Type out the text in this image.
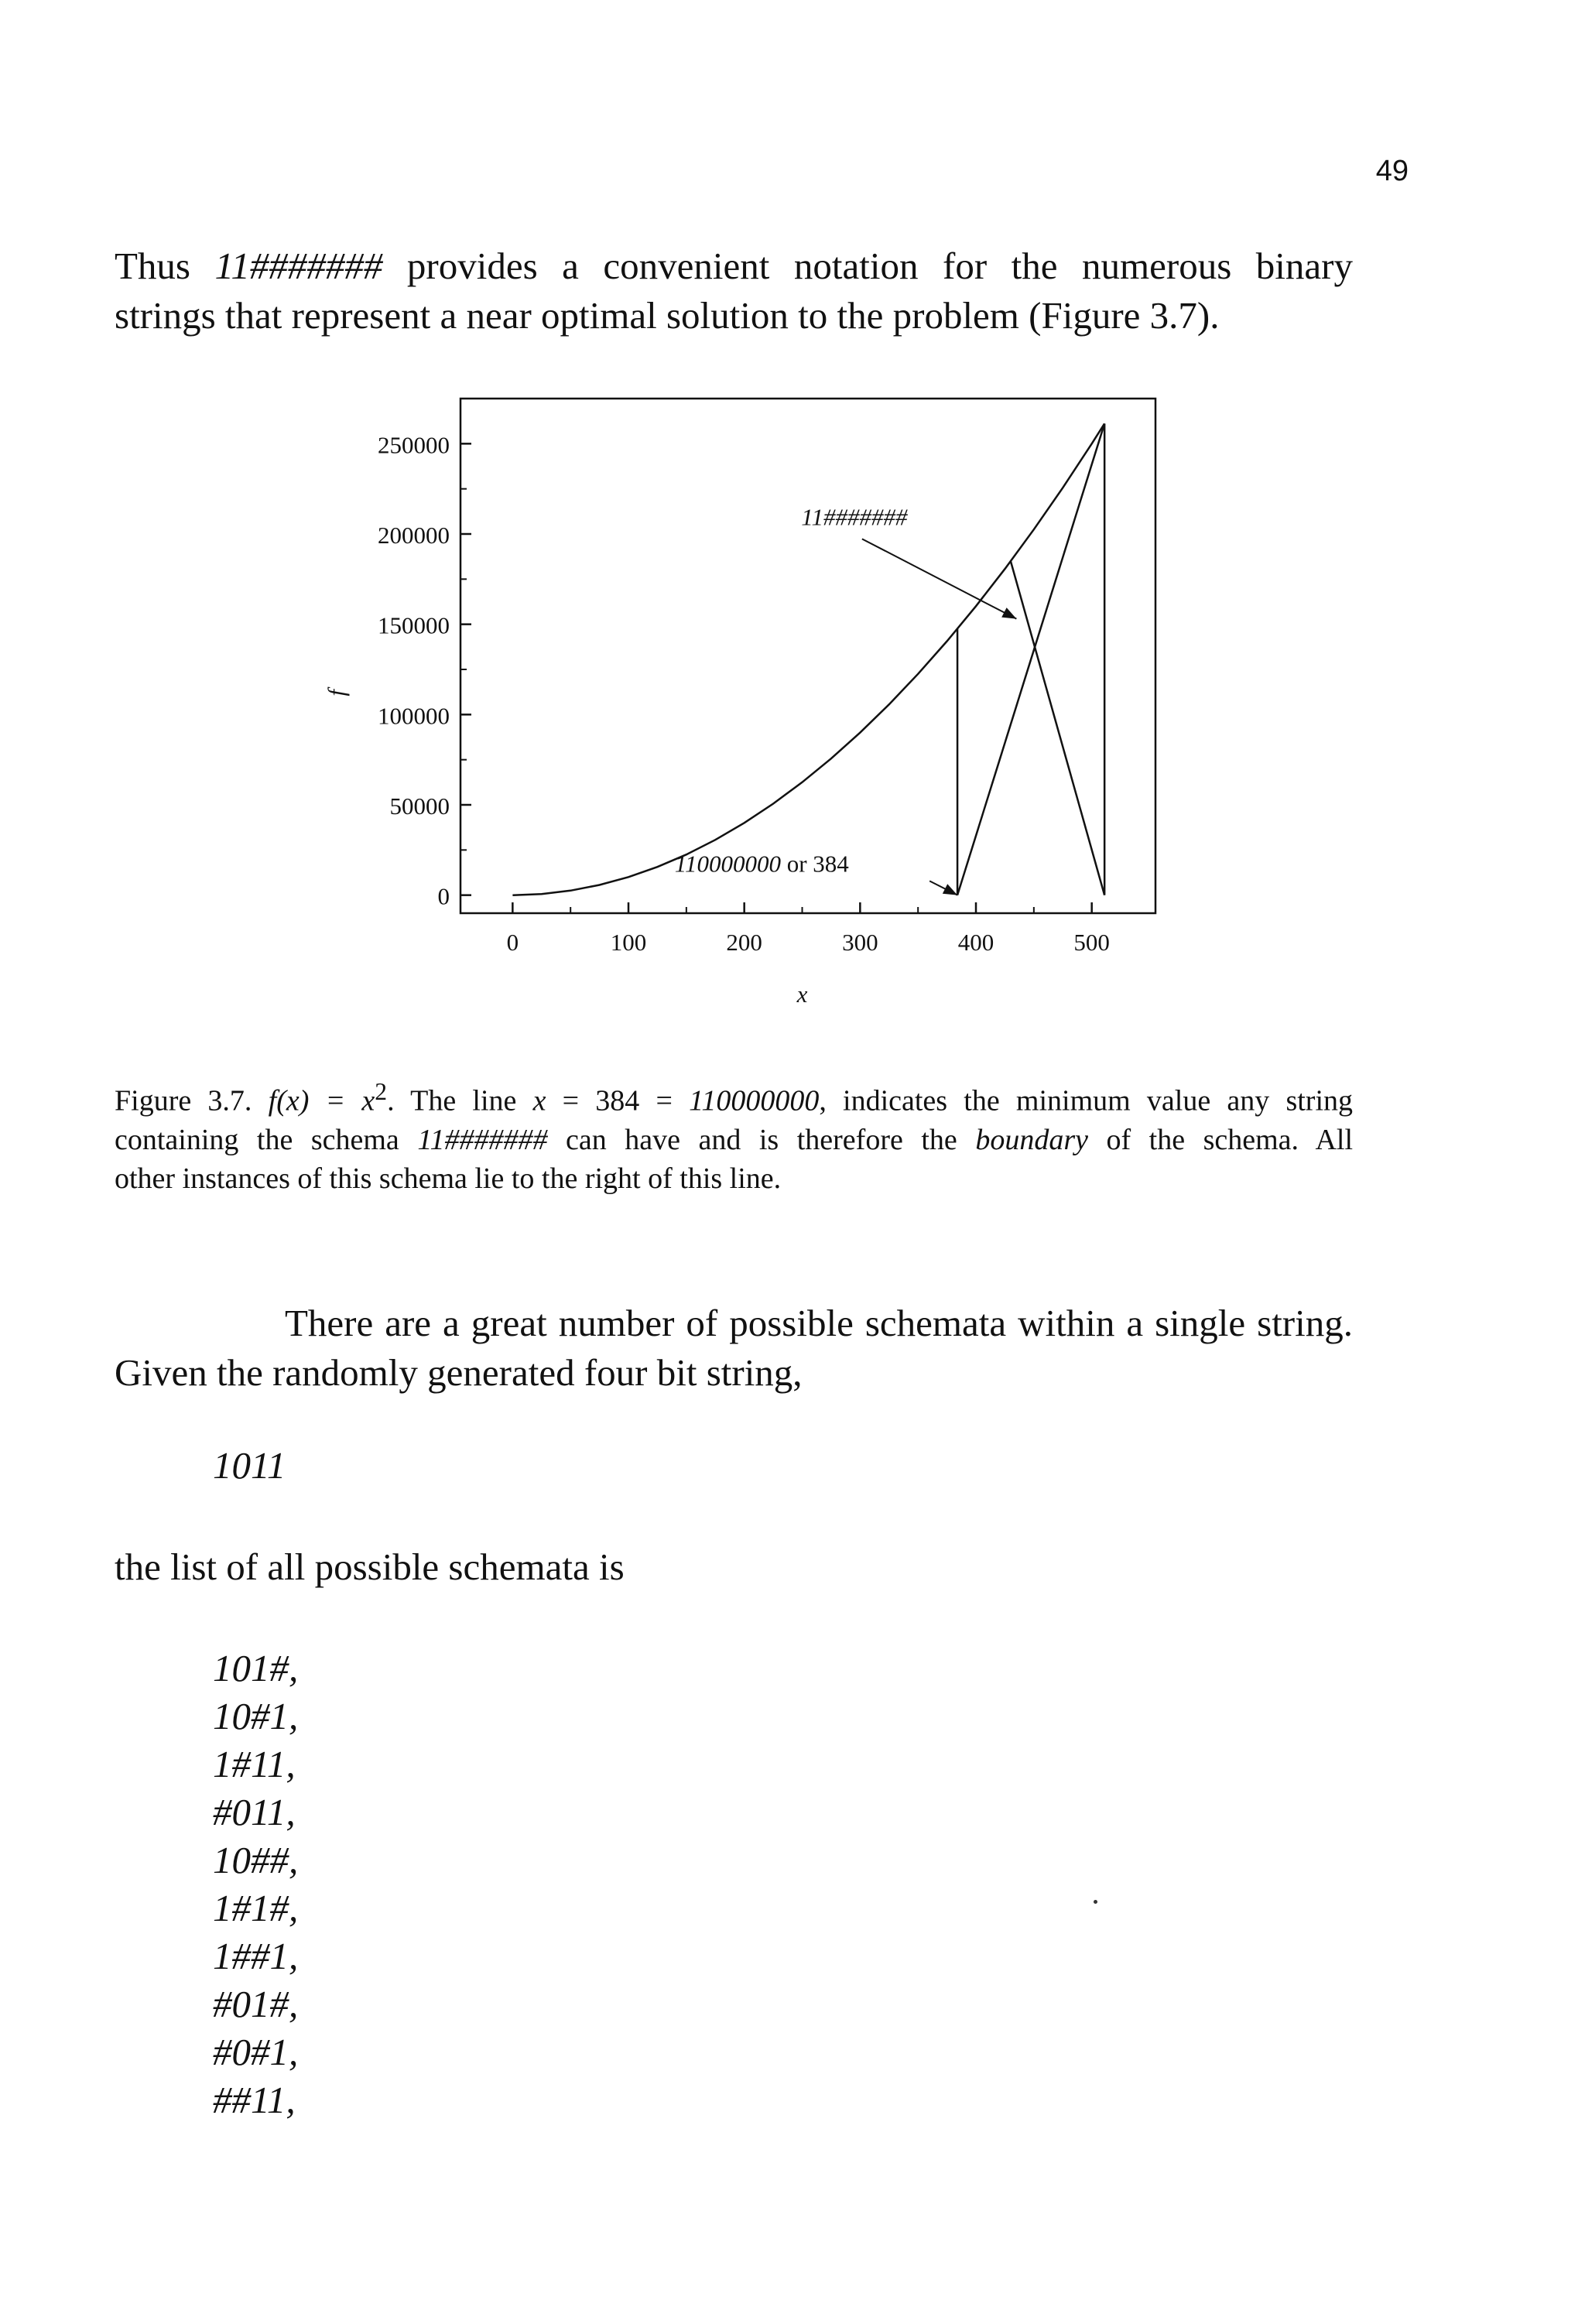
49
Thus 11####### provides a convenient notation for the numerous binary
strings that represent a near optimal solution to the problem (Figure 3.7).
0
50000
100000
150000
200000
250000
0	100	200	300	400	500
x
f
11#######
110000000 or 384
Figure 3.7. $f(x) = x^2$. The line x = 384 = 110000000, indicates the minimum value any string
containing the schema 11####### can have and is therefore the boundary of the schema. All
other instances of this schema lie to the right of this line.
There are a great number of possible schemata within a single string.
Given the randomly generated four bit string,
1011
the list of all possible schemata is
101#,
10#1,
1#11,
#011,
10##,
1#1#,
1##1,
#01#,
#0#1,
##11,
